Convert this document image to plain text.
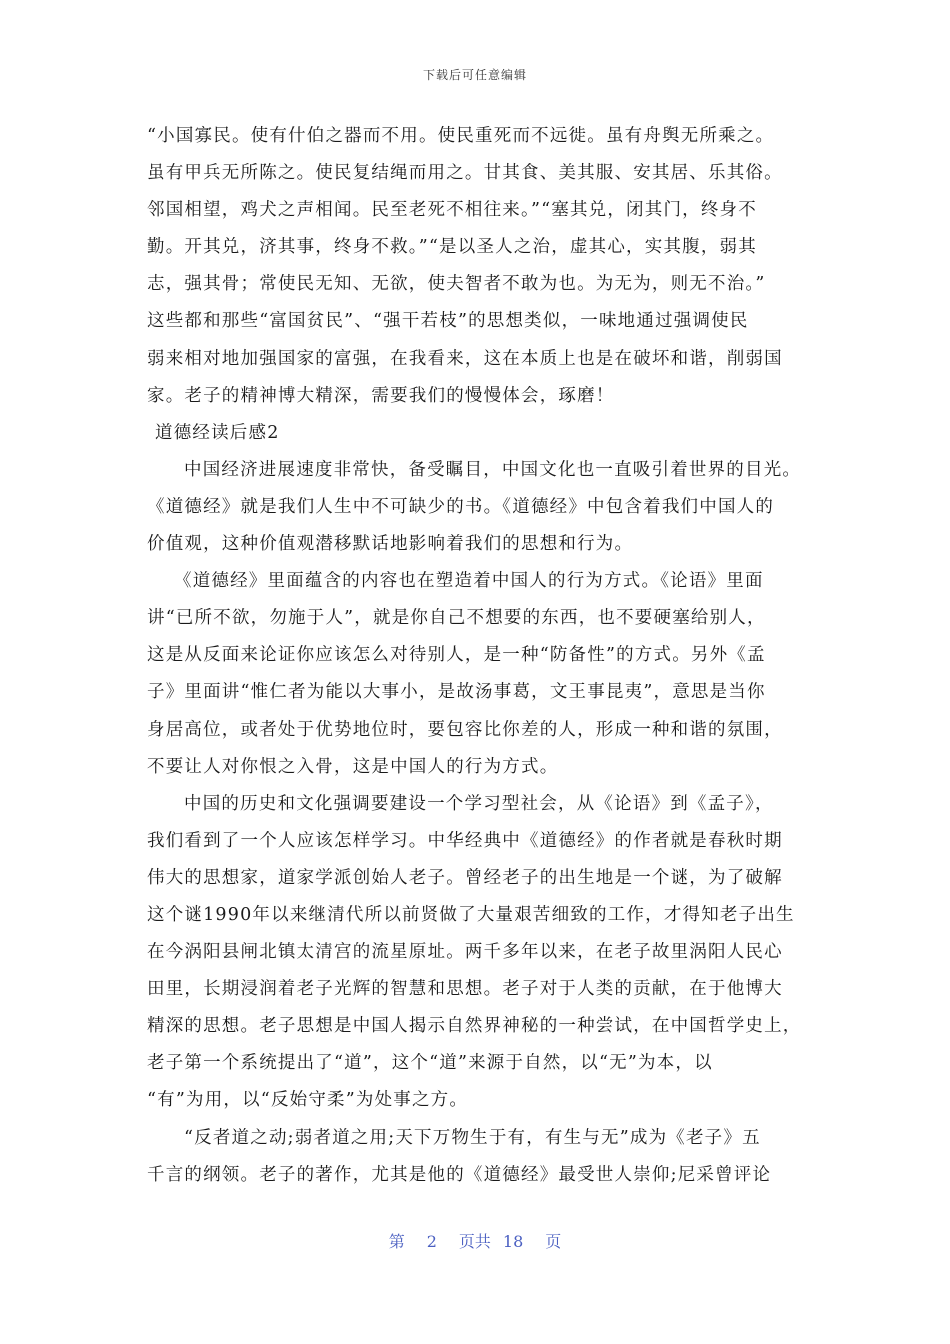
下载后可任意编辑
“小国寡民。使有什伯之器而不用。使民重死而不远徙。虽有舟舆无所乘之。
虽有甲兵无所陈之。使民复结绳而用之。甘其食、美其服、安其居、乐其俗。
邻国相望，鸡犬之声相闻。民至老死不相往来。”“塞其兑，闭其门，终身不
勤。开其兑，济其事，终身不救。”“是以圣人之治，虚其心，实其腹，弱其
志，强其骨；常使民无知、无欲，使夫智者不敢为也。为无为，则无不治。”
这些都和那些“富国贫民”、“强干若枝”的思想类似，一味地通过强调使民
弱来相对地加强国家的富强，在我看来，这在本质上也是在破坏和谐，削弱国
家。老子的精神博大精深，需要我们的慢慢体会，琢磨！
道德经读后感2
中国经济进展速度非常快，备受瞩目，中国文化也一直吸引着世界的目光。
《道德经》就是我们人生中不可缺少的书。《道德经》中包含着我们中国人的
价值观，这种价值观潜移默话地影响着我们的思想和行为。
《道德经》里面蕴含的内容也在塑造着中国人的行为方式。《论语》里面
讲“已所不欲，勿施于人”，就是你自己不想要的东西，也不要硬塞给别人，
这是从反面来论证你应该怎么对待别人，是一种“防备性”的方式。另外《孟
子》里面讲“惟仁者为能以大事小，是故汤事葛，文王事昆夷”，意思是当你
身居高位，或者处于优势地位时，要包容比你差的人，形成一种和谐的氛围，
不要让人对你恨之入骨，这是中国人的行为方式。
中国的历史和文化强调要建设一个学习型社会，从《论语》到《孟子》，
我们看到了一个人应该怎样学习。中华经典中《道德经》的作者就是春秋时期
伟大的思想家，道家学派创始人老子。曾经老子的出生地是一个谜，为了破解
这个谜1990年以来继清代所以前贤做了大量艰苦细致的工作，才得知老子出生
在今涡阳县闸北镇太清宫的流星原址。两千多年以来，在老子故里涡阳人民心
田里，长期浸润着老子光辉的智慧和思想。老子对于人类的贡献，在于他博大
精深的思想。老子思想是中国人揭示自然界神秘的一种尝试，在中国哲学史上，
老子第一个系统提出了“道”，这个“道”来源于自然，以“无”为本，以
“有”为用，以“反始守柔”为处事之方。
“反者道之动;弱者道之用;天下万物生于有，有生与无”成为《老子》五
千言的纲领。老子的著作，尤其是他的《道德经》最受世人崇仰;尼采曾评论
第 2 页共 18 页
